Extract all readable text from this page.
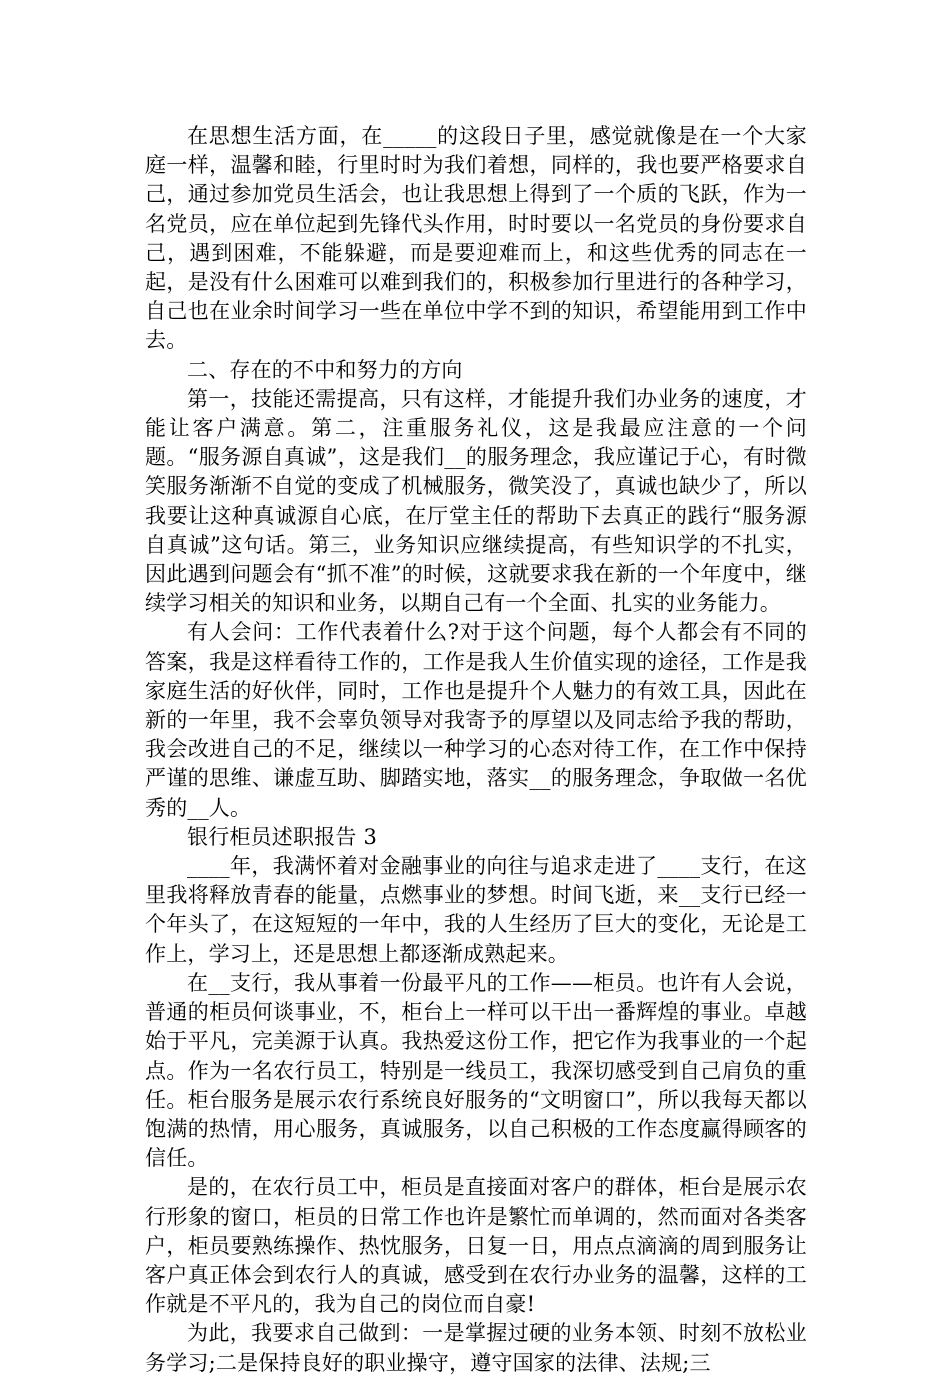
在思想生活方面，在_____的这段日子里，感觉就像是在一个大家庭一样，温馨和睦，行里时时为我们着想，同样的，我也要严格要求自己，通过参加党员生活会，也让我思想上得到了一个质的飞跃，作为一名党员，应在单位起到先锋代头作用，时时要以一名党员的身份要求自己，遇到困难，不能躲避，而是要迎难而上，和这些优秀的同志在一起，是没有什么困难可以难到我们的，积极参加行里进行的各种学习，自己也在业余时间学习一些在单位中学不到的知识，希望能用到工作中去。

二、存在的不中和努力的方向

第一，技能还需提高，只有这样，才能提升我们办业务的速度，才能让客户满意。第二，注重服务礼仪，这是我最应注意的一个问题。“服务源自真诚”，这是我们__的服务理念，我应谨记于心，有时微笑服务渐渐不自觉的变成了机械服务，微笑没了，真诚也缺少了，所以我要让这种真诚源自心底，在厅堂主任的帮助下去真正的践行“服务源自真诚”这句话。第三，业务知识应继续提高，有些知识学的不扎实，因此遇到问题会有“抓不准”的时候，这就要求我在新的一个年度中，继续学习相关的知识和业务，以期自己有一个全面、扎实的业务能力。

有人会问：工作代表着什么?对于这个问题，每个人都会有不同的答案，我是这样看待工作的，工作是我人生价值实现的途径，工作是我家庭生活的好伙伴，同时，工作也是提升个人魅力的有效工具，因此在新的一年里，我不会辜负领导对我寄予的厚望以及同志给予我的帮助，我会改进自己的不足，继续以一种学习的心态对待工作，在工作中保持严谨的思维、谦虚互助、脚踏实地，落实__的服务理念，争取做一名优秀的__人。

银行柜员述职报告 3

____年，我满怀着对金融事业的向往与追求走进了____支行，在这里我将释放青春的能量，点燃事业的梦想。时间飞逝，来__支行已经一个年头了，在这短短的一年中，我的人生经历了巨大的变化，无论是工作上，学习上，还是思想上都逐渐成熟起来。

在__支行，我从事着一份最平凡的工作——柜员。也许有人会说，普通的柜员何谈事业，不，柜台上一样可以干出一番辉煌的事业。卓越始于平凡，完美源于认真。我热爱这份工作，把它作为我事业的一个起点。作为一名农行员工，特别是一线员工，我深切感受到自己肩负的重任。柜台服务是展示农行系统良好服务的“文明窗口”，所以我每天都以饱满的热情，用心服务，真诚服务，以自己积极的工作态度赢得顾客的信任。

是的，在农行员工中，柜员是直接面对客户的群体，柜台是展示农行形象的窗口，柜员的日常工作也许是繁忙而单调的，然而面对各类客户，柜员要熟练操作、热忱服务，日复一日，用点点滴滴的周到服务让客户真正体会到农行人的真诚，感受到在农行办业务的温馨，这样的工作就是不平凡的，我为自己的岗位而自豪!

为此，我要求自己做到：一是掌握过硬的业务本领、时刻不放松业务学习;二是保持良好的职业操守，遵守国家的法律、法规;三
